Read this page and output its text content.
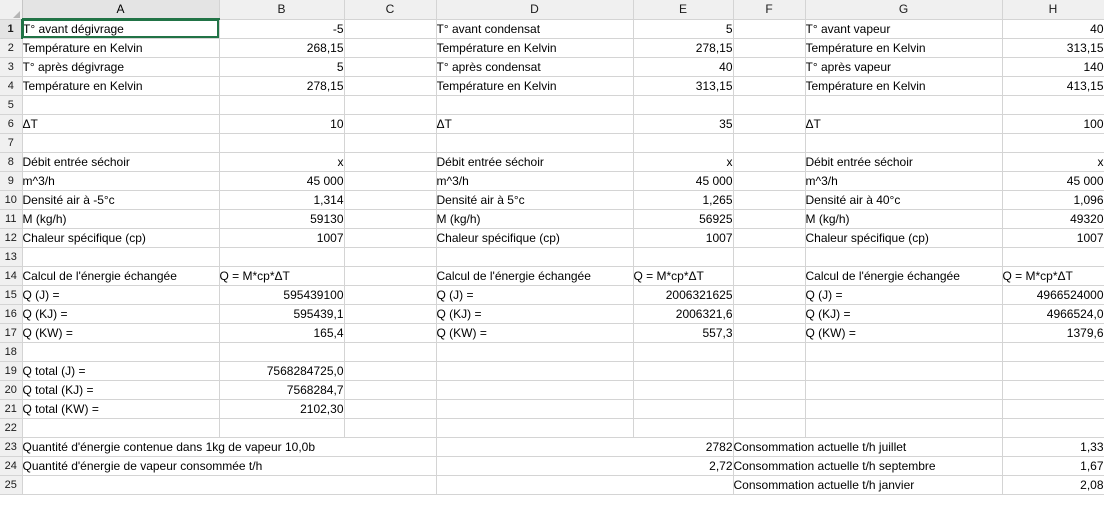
	A	B	C	D	E	F	G	H
1	T° avant dégivrage	-5		T° avant condensat	5		T° avant vapeur	40
2	Température en Kelvin	268,15		Température en Kelvin	278,15		Température en Kelvin	313,15
3	T° après dégivrage	5		T° après condensat	40		T° après vapeur	140
4	Température en Kelvin	278,15		Température en Kelvin	313,15		Température en Kelvin	413,15
5								
6	ΔT	10		ΔT	35		ΔT	100
7								
8	Débit entrée séchoir	x		Débit entrée séchoir	x		Débit entrée séchoir	x
9	m^3/h	45 000		m^3/h	45 000		m^3/h	45 000
10	Densité air à -5°c	1,314		Densité air à 5°c	1,265		Densité air à 40°c	1,096
11	M (kg/h)	59130		M (kg/h)	56925		M (kg/h)	49320
12	Chaleur spécifique (cp)	1007		Chaleur spécifique (cp)	1007		Chaleur spécifique (cp)	1007
13								
14	Calcul de l'énergie échangée	Q = M*cp*ΔT		Calcul de l'énergie échangée	Q = M*cp*ΔT		Calcul de l'énergie échangée	Q = M*cp*ΔT
15	Q (J) =	595439100		Q (J) =	2006321625		Q (J) =	4966524000
16	Q (KJ) =	595439,1		Q (KJ) =	2006321,6		Q (KJ) =	4966524,0
17	Q (KW) =	165,4		Q (KW) =	557,3		Q (KW) =	1379,6
18								
19	Q total (J) =	7568284725,0						
20	Q total (KJ) =	7568284,7						
21	Q total (KW) =	2102,30						
22								
23	Quantité d'énergie contenue dans 1kg de vapeur 10,0b			2782		Consommation actuelle t/h juillet		1,33
24	Quantité d'énergie de vapeur consommée t/h			2,72		Consommation actuelle t/h septembre		1,67
25						Consommation actuelle t/h janvier		2,08
